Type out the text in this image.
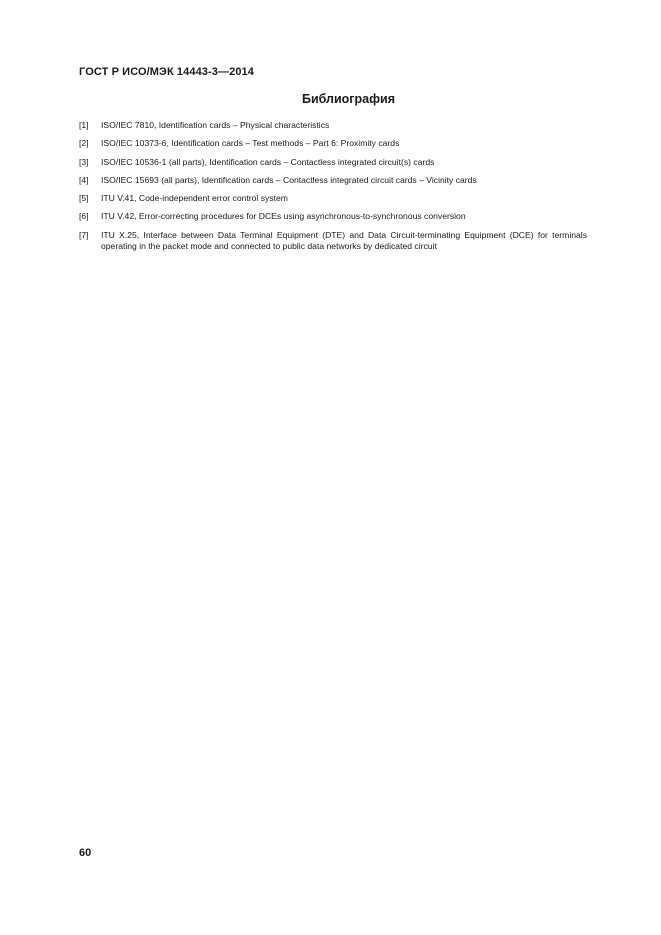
ГОСТ Р ИСО/МЭК 14443-3—2014
Библиография
[1]	ISO/IEC 7810, Identification cards – Physical characteristics
[2]	ISO/IEC 10373-6, Identification cards – Test methods – Part 6: Proximity cards
[3]	ISO/IEC 10536-1 (all parts), Identification cards – Contactless integrated circuit(s) cards
[4]	ISO/IEC 15693 (all parts), Identification cards – Contactless integrated circuit cards – Vicinity cards
[5]	ITU V.41, Code-independent error control system
[6]	ITU V.42, Error-correcting procedures for DCEs using asynchronous-to-synchronous conversion
[7]	ITU X.25, Interface between Data Terminal Equipment (DTE) and Data Circuit-terminating Equipment (DCE) for terminals operating in the packet mode and connected to public data networks by dedicated circuit
60
